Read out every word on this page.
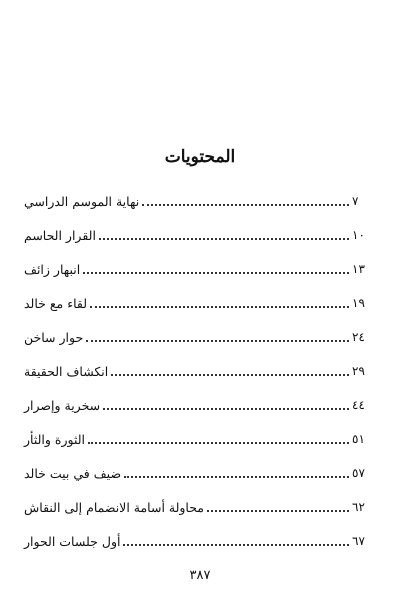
المحتويات
نهاية الموسم الدراسي	٧
القرار الحاسم	١٠
انبهار زائف	١٣
لقاء مع خالد	١٩
حوار ساخن	٢٤
انكشاف الحقيقة	٢٩
سخرية وإصرار	٤٤
الثورة والثأر	٥١
ضيف في بيت خالد	٥٧
محاولة أسامة الانضمام إلى النقاش	٦٢
أول جلسات الحوار	٦٧
٣٨٧
